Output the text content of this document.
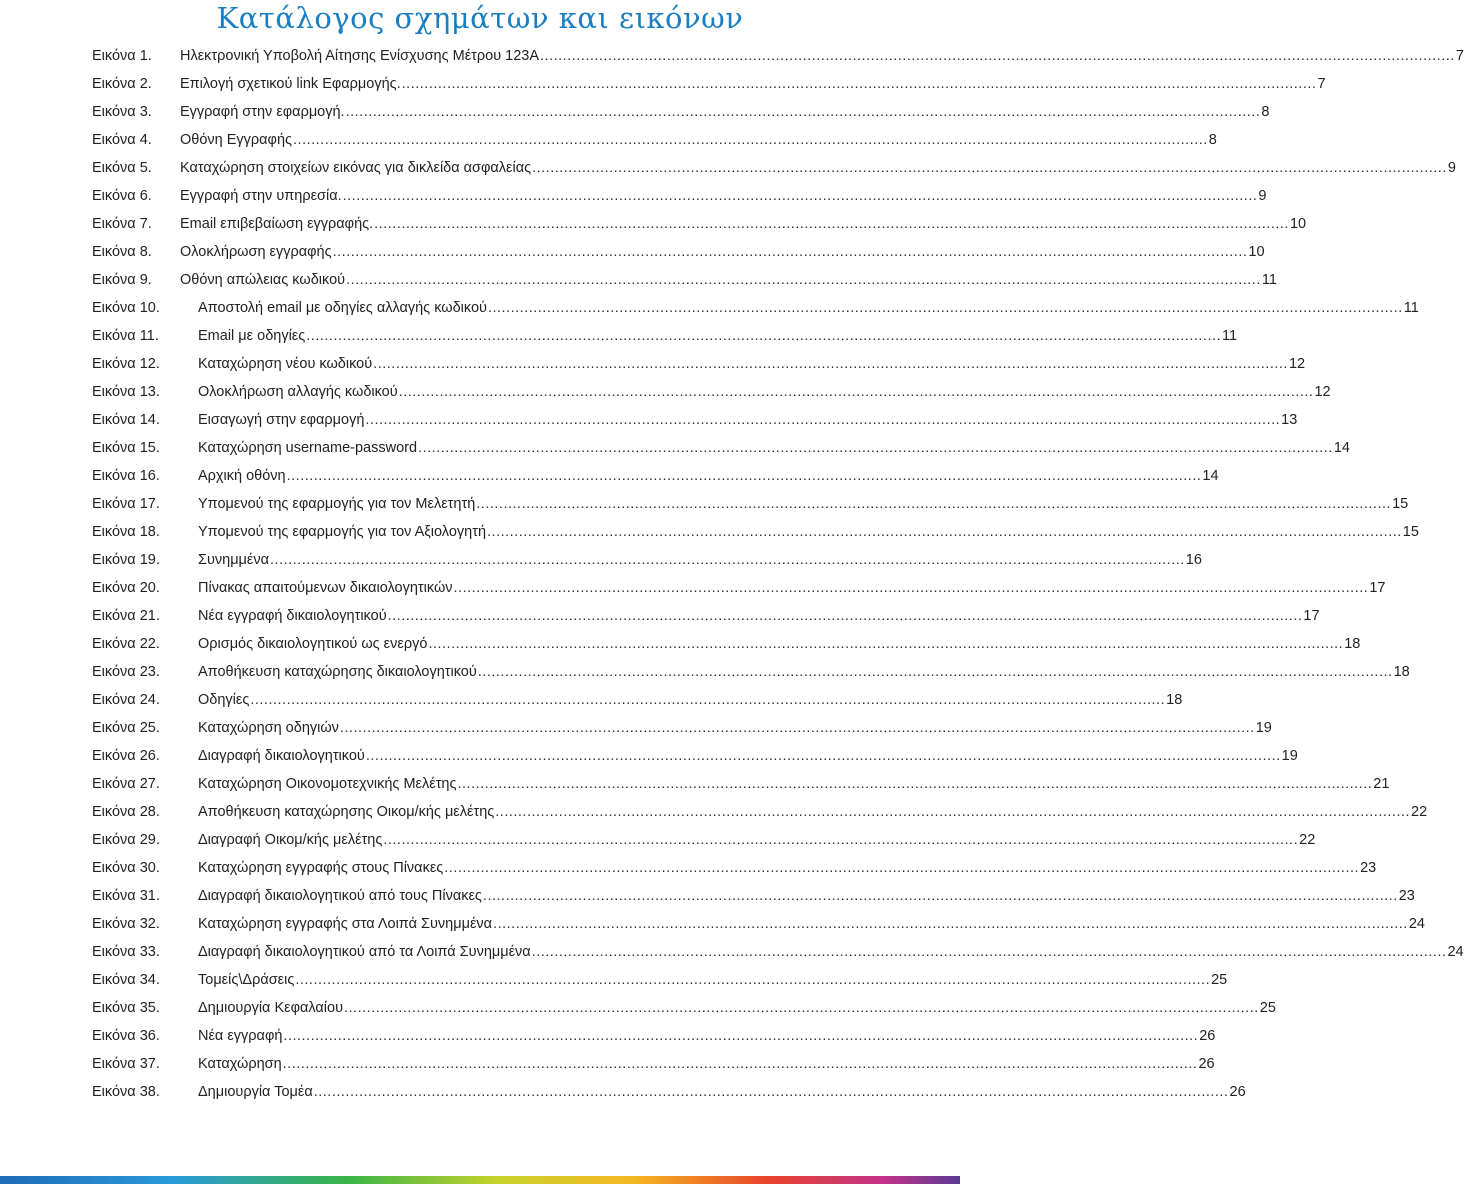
Κατάλογος σχημάτων και εικόνων
Εικόνα 1.	Ηλεκτρονική Υποβολή Αίτησης Ενίσχυσης Μέτρου 123Α .....	7
Εικόνα 2.	Επιλογή σχετικού link Εφαρμογής. .....	7
Εικόνα 3.	Εγγραφή στην εφαρμογή. .....	8
Εικόνα 4.	Οθόνη Εγγραφής .....	8
Εικόνα 5.	Καταχώρηση στοιχείων εικόνας για δικλείδα ασφαλείας .....	9
Εικόνα 6.	Εγγραφή στην υπηρεσία. .....	9
Εικόνα 7.	Email επιβεβαίωση εγγραφής. .....	10
Εικόνα 8.	Ολοκλήρωση εγγραφής .....	10
Εικόνα 9.	Οθόνη απώλειας κωδικού .....	11
Εικόνα 10.	Αποστολή email με οδηγίες αλλαγής κωδικού .....	11
Εικόνα 11.	Email με οδηγίες .....	11
Εικόνα 12.	Καταχώρηση νέου κωδικού .....	12
Εικόνα 13.	Ολοκλήρωση αλλαγής κωδικού .....	12
Εικόνα 14.	Εισαγωγή στην εφαρμογή .....	13
Εικόνα 15.	Καταχώρηση username-password .....	14
Εικόνα 16.	Αρχική οθόνη .....	14
Εικόνα 17.	Υπομενού της εφαρμογής για τον Μελετητή .....	15
Εικόνα 18.	Υπομενού της εφαρμογής για τον Αξιολογητή .....	15
Εικόνα 19.	Συνημμένα .....	16
Εικόνα 20.	Πίνακας απαιτούμενων δικαιολογητικών .....	17
Εικόνα 21.	Νέα εγγραφή δικαιολογητικού .....	17
Εικόνα 22.	Ορισμός δικαιολογητικού ως ενεργό .....	18
Εικόνα 23.	Αποθήκευση καταχώρησης δικαιολογητικού .....	18
Εικόνα 24.	Οδηγίες .....	18
Εικόνα 25.	Καταχώρηση οδηγιών .....	19
Εικόνα 26.	Διαγραφή δικαιολογητικού .....	19
Εικόνα 27.	Καταχώρηση Οικονομοτεχνικής Μελέτης .....	21
Εικόνα 28.	Αποθήκευση καταχώρησης Οικομ/κής μελέτης .....	22
Εικόνα 29.	Διαγραφή Οικομ/κής μελέτης .....	22
Εικόνα 30.	Καταχώρηση εγγραφής στους Πίνακες .....	23
Εικόνα 31.	Διαγραφή δικαιολογητικού από τους Πίνακες .....	23
Εικόνα 32.	Καταχώρηση εγγραφής στα Λοιπά Συνημμένα .....	24
Εικόνα 33.	Διαγραφή δικαιολογητικού από τα Λοιπά Συνημμένα .....	24
Εικόνα 34.	Τομείς\Δράσεις .....	25
Εικόνα 35.	Δημιουργία Κεφαλαίου .....	25
Εικόνα 36.	Νέα εγγραφή .....	26
Εικόνα 37.	Καταχώρηση .....	26
Εικόνα 38.	Δημιουργία Τομέα .....	26
